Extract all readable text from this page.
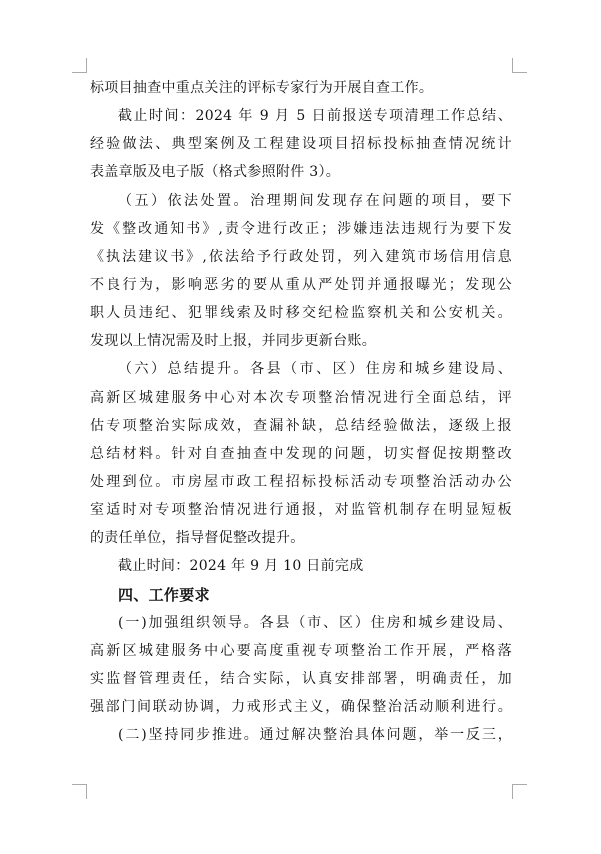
标项目抽查中重点关注的评标专家行为开展自查工作。
截止时间：2024 年 9 月 5 日前报送专项清理工作总结、
经验做法、典型案例及工程建设项目招标投标抽查情况统计
表盖章版及电子版（格式参照附件 3）。
（五）依法处置。治理期间发现存在问题的项目，要下
发《整改通知书》,责令进行改正；涉嫌违法违规行为要下发
《执法建议书》,依法给予行政处罚，列入建筑市场信用信息
不良行为，影响恶劣的要从重从严处罚并通报曝光；发现公
职人员违纪、犯罪线索及时移交纪检监察机关和公安机关。
发现以上情况需及时上报，并同步更新台账。
（六）总结提升。各县（市、区）住房和城乡建设局、
高新区城建服务中心对本次专项整治情况进行全面总结，评
估专项整治实际成效，查漏补缺，总结经验做法，逐级上报
总结材料。针对自查抽查中发现的问题，切实督促按期整改
处理到位。市房屋市政工程招标投标活动专项整治活动办公
室适时对专项整治情况进行通报，对监管机制存在明显短板
的责任单位，指导督促整改提升。
截止时间：2024 年 9 月 10 日前完成
四、工作要求
(一)加强组织领导。各县（市、区）住房和城乡建设局、
高新区城建服务中心要高度重视专项整治工作开展，严格落
实监督管理责任，结合实际，认真安排部署，明确责任，加
强部门间联动协调，力戒形式主义，确保整治活动顺利进行。
(二)坚持同步推进。通过解决整治具体问题，举一反三，
